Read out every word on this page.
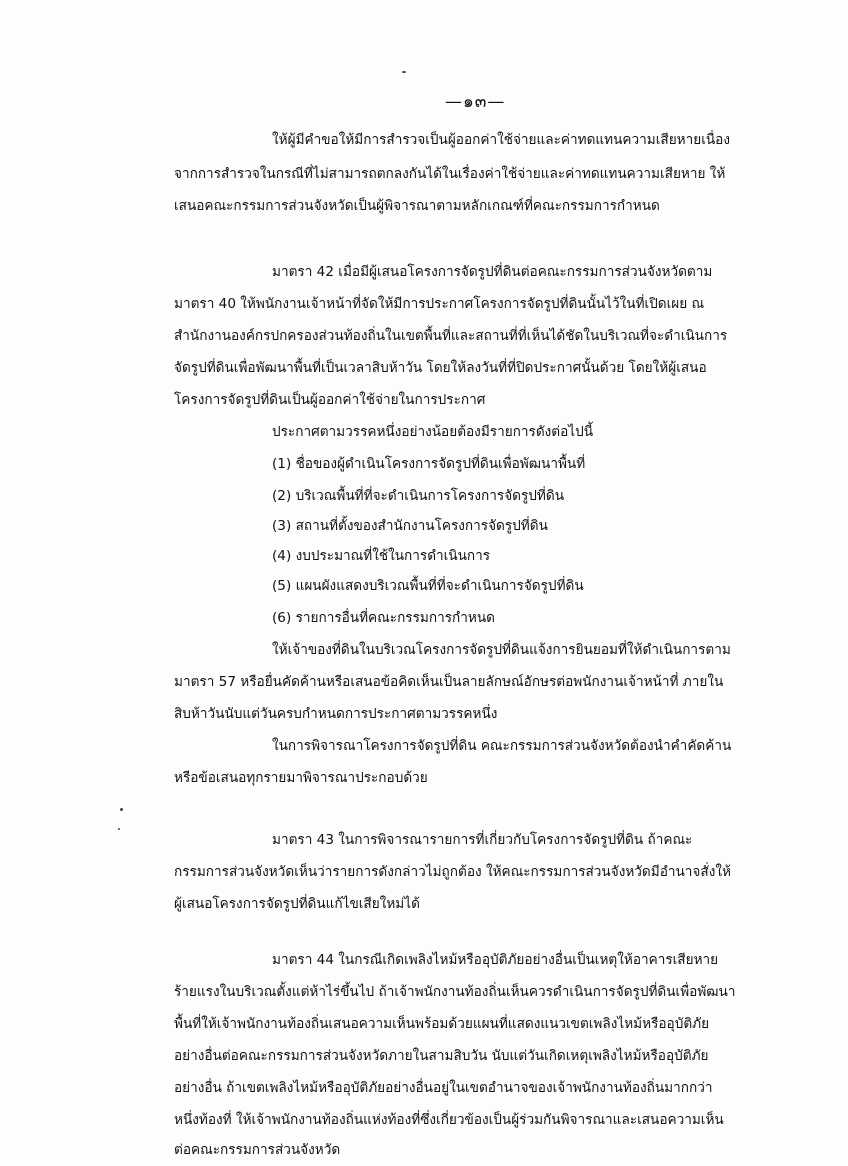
—๑๓—
ให้ผู้มีคำขอให้มีการสำรวจเป็นผู้ออกค่าใช้จ่ายและค่าทดแทนความเสียหายเนื่อง
จากการสำรวจในกรณีที่ไม่สามารถตกลงกันได้ในเรื่องค่าใช้จ่ายและค่าทดแทนความเสียหาย ให้
เสนอคณะกรรมการส่วนจังหวัดเป็นผู้พิจารณาตามหลักเกณฑ์ที่คณะกรรมการกำหนด
มาตรา 42 เมื่อมีผู้เสนอโครงการจัดรูปที่ดินต่อคณะกรรมการส่วนจังหวัดตาม
มาตรา 40 ให้พนักงานเจ้าหน้าที่จัดให้มีการประกาศโครงการจัดรูปที่ดินนั้นไว้ในที่เปิดเผย ณ
สำนักงานองค์กรปกครองส่วนท้องถิ่นในเขตพื้นที่และสถานที่ที่เห็นได้ชัดในบริเวณที่จะดำเนินการ
จัดรูปที่ดินเพื่อพัฒนาพื้นที่เป็นเวลาสิบห้าวัน โดยให้ลงวันที่ที่ปิดประกาศนั้นด้วย โดยให้ผู้เสนอ
โครงการจัดรูปที่ดินเป็นผู้ออกค่าใช้จ่ายในการประกาศ
ประกาศตามวรรคหนึ่งอย่างน้อยต้องมีรายการดังต่อไปนี้
(1) ชื่อของผู้ดำเนินโครงการจัดรูปที่ดินเพื่อพัฒนาพื้นที่
(2) บริเวณพื้นที่ที่จะดำเนินการโครงการจัดรูปที่ดิน
(3) สถานที่ตั้งของสำนักงานโครงการจัดรูปที่ดิน
(4) งบประมาณที่ใช้ในการดำเนินการ
(5) แผนผังแสดงบริเวณพื้นที่ที่จะดำเนินการจัดรูปที่ดิน
(6) รายการอื่นที่คณะกรรมการกำหนด
ให้เจ้าของที่ดินในบริเวณโครงการจัดรูปที่ดินแจ้งการยินยอมที่ให้ดำเนินการตาม
มาตรา 57 หรือยื่นคัดค้านหรือเสนอข้อคิดเห็นเป็นลายลักษณ์อักษรต่อพนักงานเจ้าหน้าที่ ภายใน
สิบห้าวันนับแต่วันครบกำหนดการประกาศตามวรรคหนึ่ง
ในการพิจารณาโครงการจัดรูปที่ดิน คณะกรรมการส่วนจังหวัดต้องนำคำคัดค้าน
หรือข้อเสนอทุกรายมาพิจารณาประกอบด้วย
มาตรา 43 ในการพิจารณารายการที่เกี่ยวกับโครงการจัดรูปที่ดิน ถ้าคณะ
กรรมการส่วนจังหวัดเห็นว่ารายการดังกล่าวไม่ถูกต้อง ให้คณะกรรมการส่วนจังหวัดมีอำนาจสั่งให้
ผู้เสนอโครงการจัดรูปที่ดินแก้ไขเสียใหม่ได้
มาตรา 44 ในกรณีเกิดเพลิงไหม้หรืออุบัติภัยอย่างอื่นเป็นเหตุให้อาคารเสียหาย
ร้ายแรงในบริเวณตั้งแต่ห้าไร่ขึ้นไป ถ้าเจ้าพนักงานท้องถิ่นเห็นควรดำเนินการจัดรูปที่ดินเพื่อพัฒนา
พื้นที่ให้เจ้าพนักงานท้องถิ่นเสนอความเห็นพร้อมด้วยแผนที่แสดงแนวเขตเพลิงไหม้หรืออุบัติภัย
อย่างอื่นต่อคณะกรรมการส่วนจังหวัดภายในสามสิบวัน นับแต่วันเกิดเหตุเพลิงไหม้หรืออุบัติภัย
อย่างอื่น ถ้าเขตเพลิงไหม้หรืออุบัติภัยอย่างอื่นอยู่ในเขตอำนาจของเจ้าพนักงานท้องถิ่นมากกว่า
หนึ่งท้องที่ ให้เจ้าพนักงานท้องถิ่นแห่งท้องที่ซึ่งเกี่ยวข้องเป็นผู้ร่วมกันพิจารณาและเสนอความเห็น
ต่อคณะกรรมการส่วนจังหวัด
